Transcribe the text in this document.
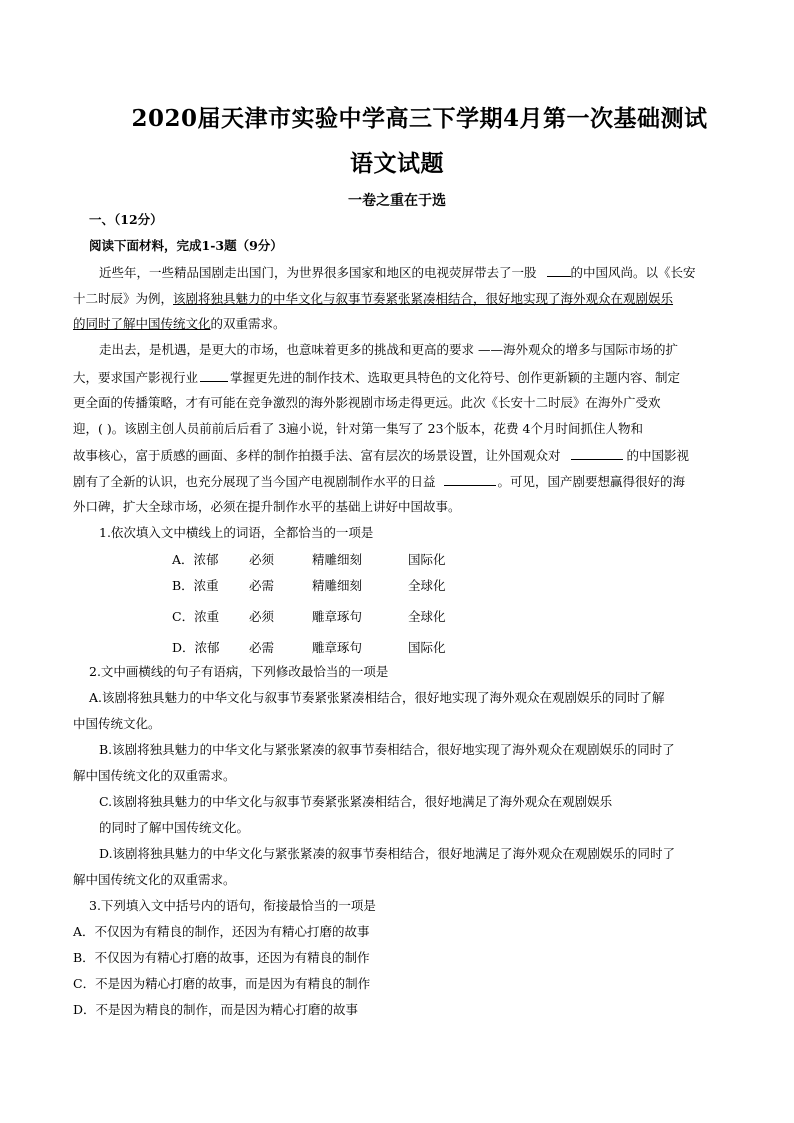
2020届天津市实验中学高三下学期4月第一次基础测试
语文试题
一卷之重在于选
一、（12分）
阅读下面材料，完成1-3题（9分）
近些年，一些精品国剧走出国门，为世界很多国家和地区的电视荧屏带去了一股	的中国风尚。以《长安
十二时辰》为例，该剧将独具魅力的中华文化与叙事节奏紧张紧凑相结合，很好地实现了海外观众在观剧娱乐
的同时了解中国传统文化的双重需求。
走出去，是机遇，是更大的市场，也意味着更多的挑战和更高的要求 ——海外观众的增多与国际市场的扩
大，要求国产影视行业	掌握更先进的制作技术、选取更具特色的文化符号、创作更新颖的主题内容、制定
更全面的传播策略，才有可能在竞争激烈的海外影视剧市场走得更远。此次《长安十二时辰》在海外广受欢
迎，( )。该剧主创人员前前后后看了 3遍小说，针对第一集写了 23个版本，花费 4个月时间抓住人物和
故事核心，富于质感的画面、多样的制作拍摄手法、富有层次的场景设置，让外国观众对	的中国影视
剧有了全新的认识，也充分展现了当今国产电视剧制作水平的日益	。可见，国产剧要想赢得很好的海
外口碑，扩大全球市场，必须在提升制作水平的基础上讲好中国故事。
1.依次填入文中横线上的词语，全都恰当的一项是
A．浓郁 必须	精雕细刻	国际化
B．浓重 必需	精雕细刻	全球化
C．浓重 必须	雕章琢句	全球化
D．浓郁 必需	雕章琢句	国际化
2.文中画横线的句子有语病，下列修改最恰当的一项是
A.该剧将独具魅力的中华文化与叙事节奏紧张紧凑相结合，很好地实现了海外观众在观剧娱乐的同时了解
中国传统文化。
B.该剧将独具魅力的中华文化与紧张紧凑的叙事节奏相结合，很好地实现了海外观众在观剧娱乐的同时了
解中国传统文化的双重需求。
C.该剧将独具魅力的中华文化与叙事节奏紧张紧凑相结合，很好地满足了海外观众在观剧娱乐
的同时了解中国传统文化。
D.该剧将独具魅力的中华文化与紧张紧凑的叙事节奏相结合，很好地满足了海外观众在观剧娱乐的同时了
解中国传统文化的双重需求。
3.下列填入文中括号内的语句，衔接最恰当的一项是
A．不仅因为有精良的制作，还因为有精心打磨的故事
B．不仅因为有精心打磨的故事，还因为有精良的制作
C．不是因为精心打磨的故事，而是因为有精良的制作
D．不是因为精良的制作，而是因为精心打磨的故事
